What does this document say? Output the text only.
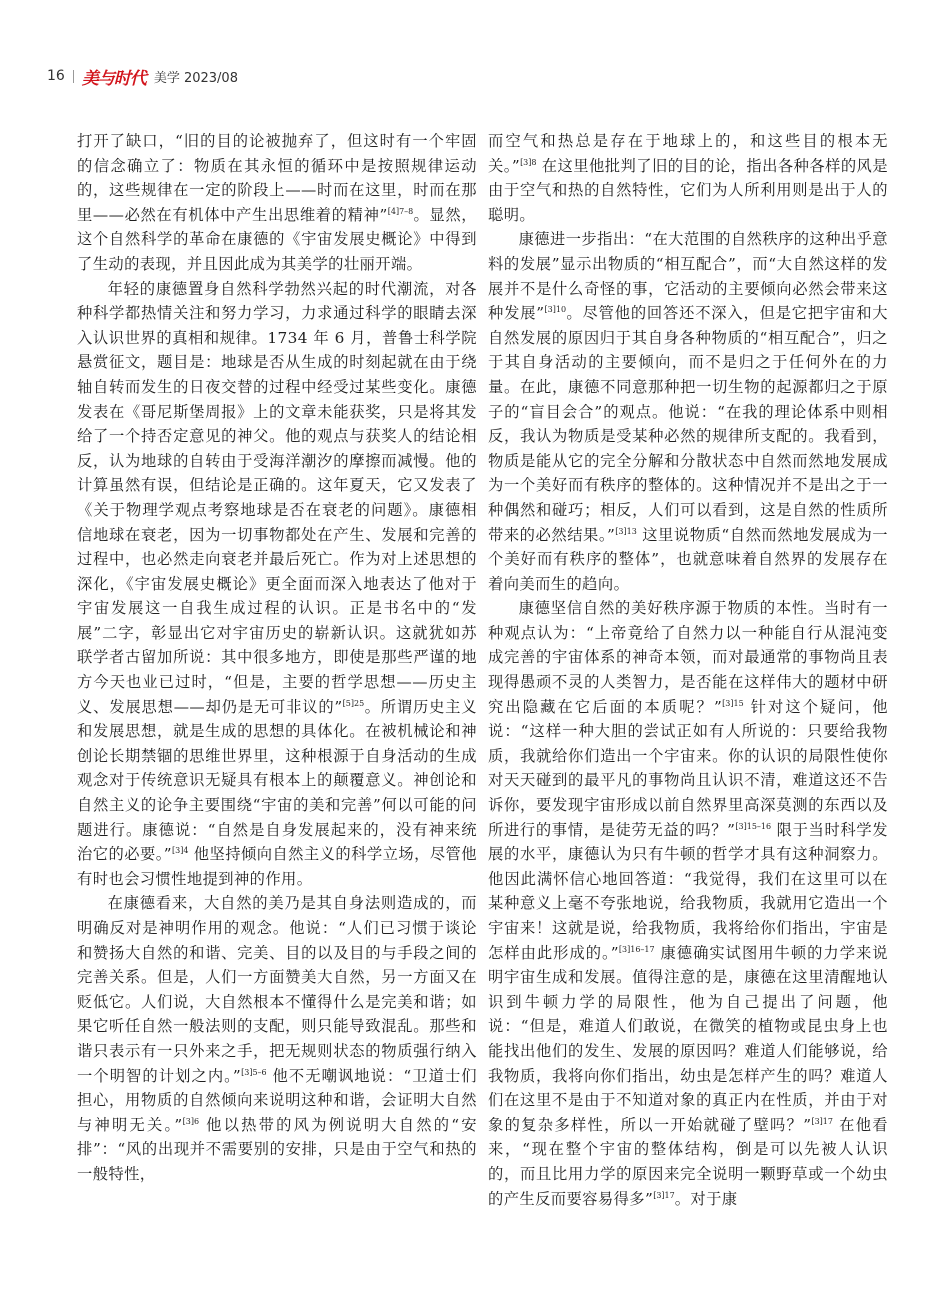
16 美与时代 美学 2023/08

打开了缺口，“旧的目的论被抛弃了，但这时有一个牢固的信念确立了：物质在其永恒的循环中是按照规律运动的，这些规律在一定的阶段上——时而在这里，时而在那里——必然在有机体中产生出思维着的精神”$^{[4]7-8}$。显然，这个自然科学的革命在康德的《宇宙发展史概论》中得到了生动的表现，并且因此成为其美学的壮丽开端。

年轻的康德置身自然科学勃然兴起的时代潮流，对各种科学都热情关注和努力学习，力求通过科学的眼睛去深入认识世界的真相和规律。1734 年 6 月，普鲁士科学院悬赏征文，题目是：地球是否从生成的时刻起就在由于绕轴自转而发生的日夜交替的过程中经受过某些变化。康德发表在《哥尼斯堡周报》上的文章未能获奖，只是将其发给了一个持否定意见的神父。他的观点与获奖人的结论相反，认为地球的自转由于受海洋潮汐的摩擦而减慢。他的计算虽然有误，但结论是正确的。这年夏天，它又发表了《关于物理学观点考察地球是否在衰老的问题》。康德相信地球在衰老，因为一切事物都处在产生、发展和完善的过程中，也必然走向衰老并最后死亡。作为对上述思想的深化，《宇宙发展史概论》更全面而深入地表达了他对于宇宙发展这一自我生成过程的认识。正是书名中的“发展”二字，彰显出它对宇宙历史的崭新认识。这就犹如苏联学者古留加所说：其中很多地方，即使是那些严谨的地方今天也业已过时，“但是，主要的哲学思想——历史主义、发展思想——却仍是无可非议的”$^{[5]25}$。所谓历史主义和发展思想，就是生成的思想的具体化。在被机械论和神创论长期禁锢的思维世界里，这种根源于自身活动的生成观念对于传统意识无疑具有根本上的颠覆意义。神创论和自然主义的论争主要围绕“宇宙的美和完善”何以可能的问题进行。康德说：“自然是自身发展起来的，没有神来统治它的必要。”$^{[3]4}$ 他坚持倾向自然主义的科学立场，尽管他有时也会习惯性地提到神的作用。

在康德看来，大自然的美乃是其自身法则造成的，而明确反对是神明作用的观念。他说：“人们已习惯于谈论和赞扬大自然的和谐、完美、目的以及目的与手段之间的完善关系。但是，人们一方面赞美大自然，另一方面又在贬低它。人们说，大自然根本不懂得什么是完美和谐；如果它听任自然一般法则的支配，则只能导致混乱。那些和谐只表示有一只外来之手，把无规则状态的物质强行纳入一个明智的计划之内。”$^{[3]5-6}$ 他不无嘲讽地说：“卫道士们担心，用物质的自然倾向来说明这种和谐，会证明大自然与神明无关。”$^{[3]6}$ 他以热带的风为例说明大自然的“安排”：“风的出现并不需要别的安排，只是由于空气和热的一般特性，

而空气和热总是存在于地球上的，和这些目的根本无关。”$^{[3]8}$ 在这里他批判了旧的目的论，指出各种各样的风是由于空气和热的自然特性，它们为人所利用则是出于人的聪明。

康德进一步指出：“在大范围的自然秩序的这种出乎意料的发展”显示出物质的“相互配合”，而“大自然这样的发展并不是什么奇怪的事，它活动的主要倾向必然会带来这种发展”$^{[3]10}$。尽管他的回答还不深入，但是它把宇宙和大自然发展的原因归于其自身各种物质的“相互配合”，归之于其自身活动的主要倾向，而不是归之于任何外在的力量。在此，康德不同意那种把一切生物的起源都归之于原子的“盲目会合”的观点。他说：“在我的理论体系中则相反，我认为物质是受某种必然的规律所支配的。我看到，物质是能从它的完全分解和分散状态中自然而然地发展成为一个美好而有秩序的整体的。这种情况并不是出之于一种偶然和碰巧；相反，人们可以看到，这是自然的性质所带来的必然结果。”$^{[3]13}$ 这里说物质“自然而然地发展成为一个美好而有秩序的整体”，也就意味着自然界的发展存在着向美而生的趋向。

康德坚信自然的美好秩序源于物质的本性。当时有一种观点认为：“上帝竟给了自然力以一种能自行从混沌变成完善的宇宙体系的神奇本领，而对最通常的事物尚且表现得愚顽不灵的人类智力，是否能在这样伟大的题材中研究出隐藏在它后面的本质呢？”$^{[3]15}$ 针对这个疑问，他说：“这样一种大胆的尝试正如有人所说的：只要给我物质，我就给你们造出一个宇宙来。你的认识的局限性使你对天天碰到的最平凡的事物尚且认识不清，难道这还不告诉你，要发现宇宙形成以前自然界里高深莫测的东西以及所进行的事情，是徒劳无益的吗？”$^{[3]15-16}$ 限于当时科学发展的水平，康德认为只有牛顿的哲学才具有这种洞察力。他因此满怀信心地回答道：“我觉得，我们在这里可以在某种意义上毫不夸张地说，给我物质，我就用它造出一个宇宙来！这就是说，给我物质，我将给你们指出，宇宙是怎样由此形成的。”$^{[3]16-17}$ 康德确实试图用牛顿的力学来说明宇宙生成和发展。值得注意的是，康德在这里清醒地认识到牛顿力学的局限性，他为自己提出了问题，他说：“但是，难道人们敢说，在微笑的植物或昆虫身上也能找出他们的发生、发展的原因吗？难道人们能够说，给我物质，我将向你们指出，幼虫是怎样产生的吗？难道人们在这里不是由于不知道对象的真正内在性质，并由于对象的复杂多样性，所以一开始就碰了壁吗？”$^{[3]17}$ 在他看来，“现在整个宇宙的整体结构，倒是可以先被人认识的，而且比用力学的原因来完全说明一颗野草或一个幼虫的产生反而要容易得多”$^{[3]17}$。对于康
